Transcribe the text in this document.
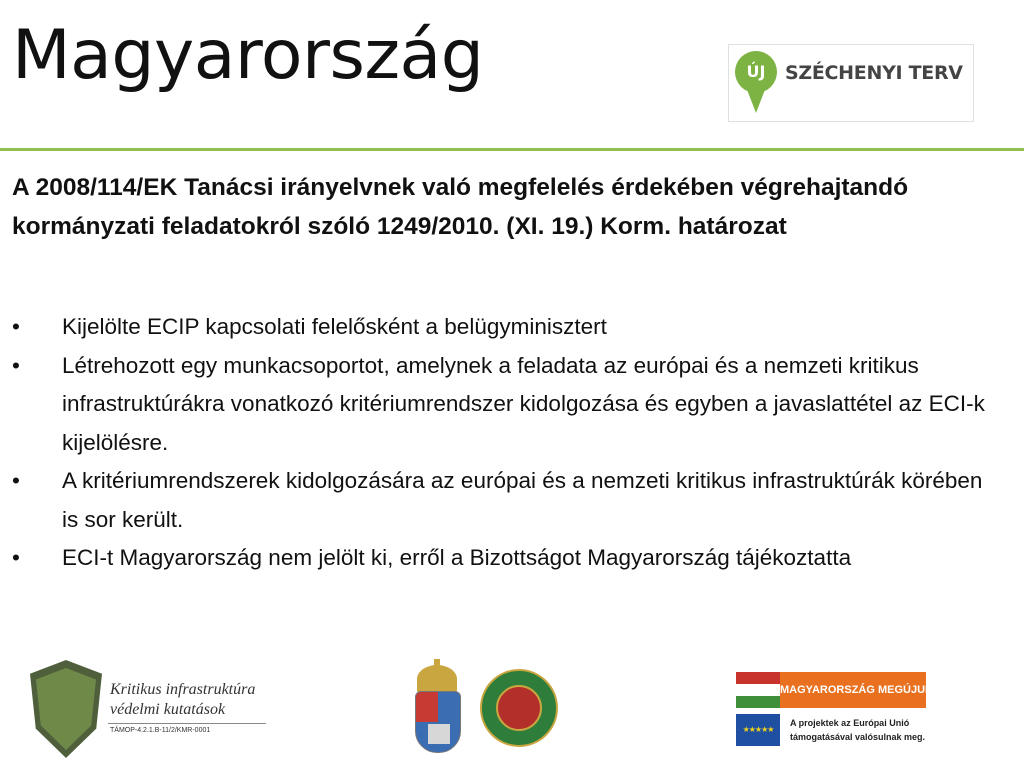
Magyarország	ÚJ	SZÉCHENYI TERV
A 2008/114/EK Tanácsi irányelvnek való megfelelés érdekében végrehajtandó kormányzati feladatokról szóló 1249/2010. (XI. 19.) Korm. határozat
• Kijelölte ECIP kapcsolati felelősként a belügyminisztert
• Létrehozott egy munkacsoportot, amelynek a feladata az európai és a nemzeti kritikus infrastruktúrákra vonatkozó kritériumrendszer kidolgozása és egyben a javaslattétel az ECI-k kijelölésre.
• A kritériumrendszerek kidolgozására az európai és a nemzeti kritikus infrastruktúrák körében is sor került.
• ECI-t Magyarország nem jelölt ki, erről a Bizottságot Magyarország tájékoztatta
Kritikus infrastruktúra
védelmi kutatások
TÁMOP-4.2.1.B-11/2/KMR-0001
MAGYARORSZÁG MEGÚJUL
★★★★★
A projektek az Európai Unió
támogatásával valósulnak meg.
